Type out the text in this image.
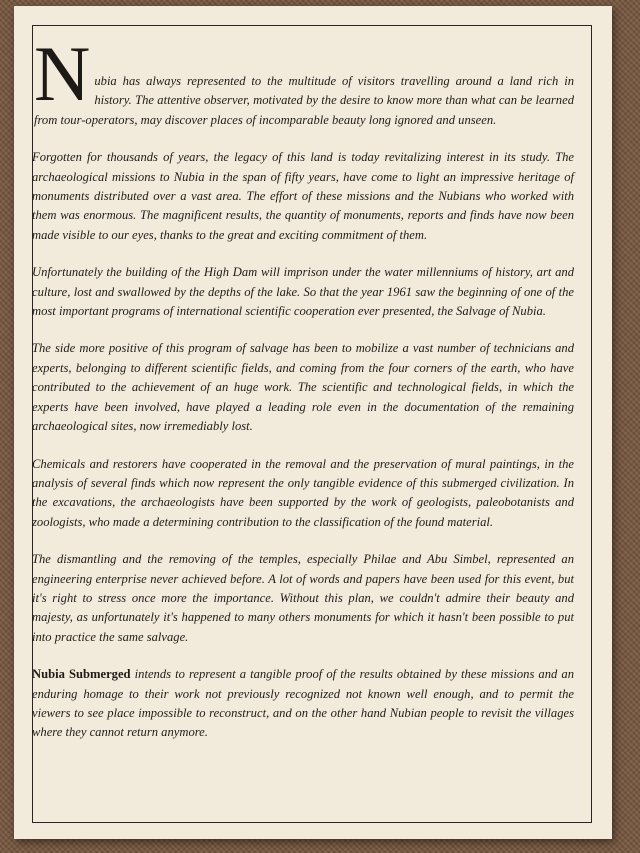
N ubia has always represented to the multitude of visitors travelling around a land rich in history. The attentive observer, motivated by the desire to know more than what can be learned from tour-operators, may discover places of incomparable beauty long ignored and unseen.

Forgotten for thousands of years, the legacy of this land is today revitalizing interest in its study. The archaeological missions to Nubia in the span of fifty years, have come to light an impressive heritage of monuments distributed over a vast area. The effort of these missions and the Nubians who worked with them was enormous. The magnificent results, the quantity of monuments, reports and finds have now been made visible to our eyes, thanks to the great and exciting commitment of them.

Unfortunately the building of the High Dam will imprison under the water millenniums of history, art and culture, lost and swallowed by the depths of the lake. So that the year 1961 saw the beginning of one of the most important programs of international scientific cooperation ever presented, the Salvage of Nubia.

The side more positive of this program of salvage has been to mobilize a vast number of technicians and experts, belonging to different scientific fields, and coming from the four corners of the earth, who have contributed to the achievement of an huge work. The scientific and technological fields, in which the experts have been involved, have played a leading role even in the documentation of the remaining archaeological sites, now irremediably lost.

Chemicals and restorers have cooperated in the removal and the preservation of mural paintings, in the analysis of several finds which now represent the only tangible evidence of this submerged civilization. In the excavations, the archaeologists have been supported by the work of geologists, paleobotanists and zoologists, who made a determining contribution to the classification of the found material.

The dismantling and the removing of the temples, especially Philae and Abu Simbel, represented an engineering enterprise never achieved before. A lot of words and papers have been used for this event, but it's right to stress once more the importance. Without this plan, we couldn't admire their beauty and majesty, as unfortunately it's happened to many others monuments for which it hasn't been possible to put into practice the same salvage.

Nubia Submerged intends to represent a tangible proof of the results obtained by these missions and an enduring homage to their work not previously recognized not known well enough, and to permit the viewers to see place impossible to reconstruct, and on the other hand Nubian people to revisit the villages where they cannot return anymore.
